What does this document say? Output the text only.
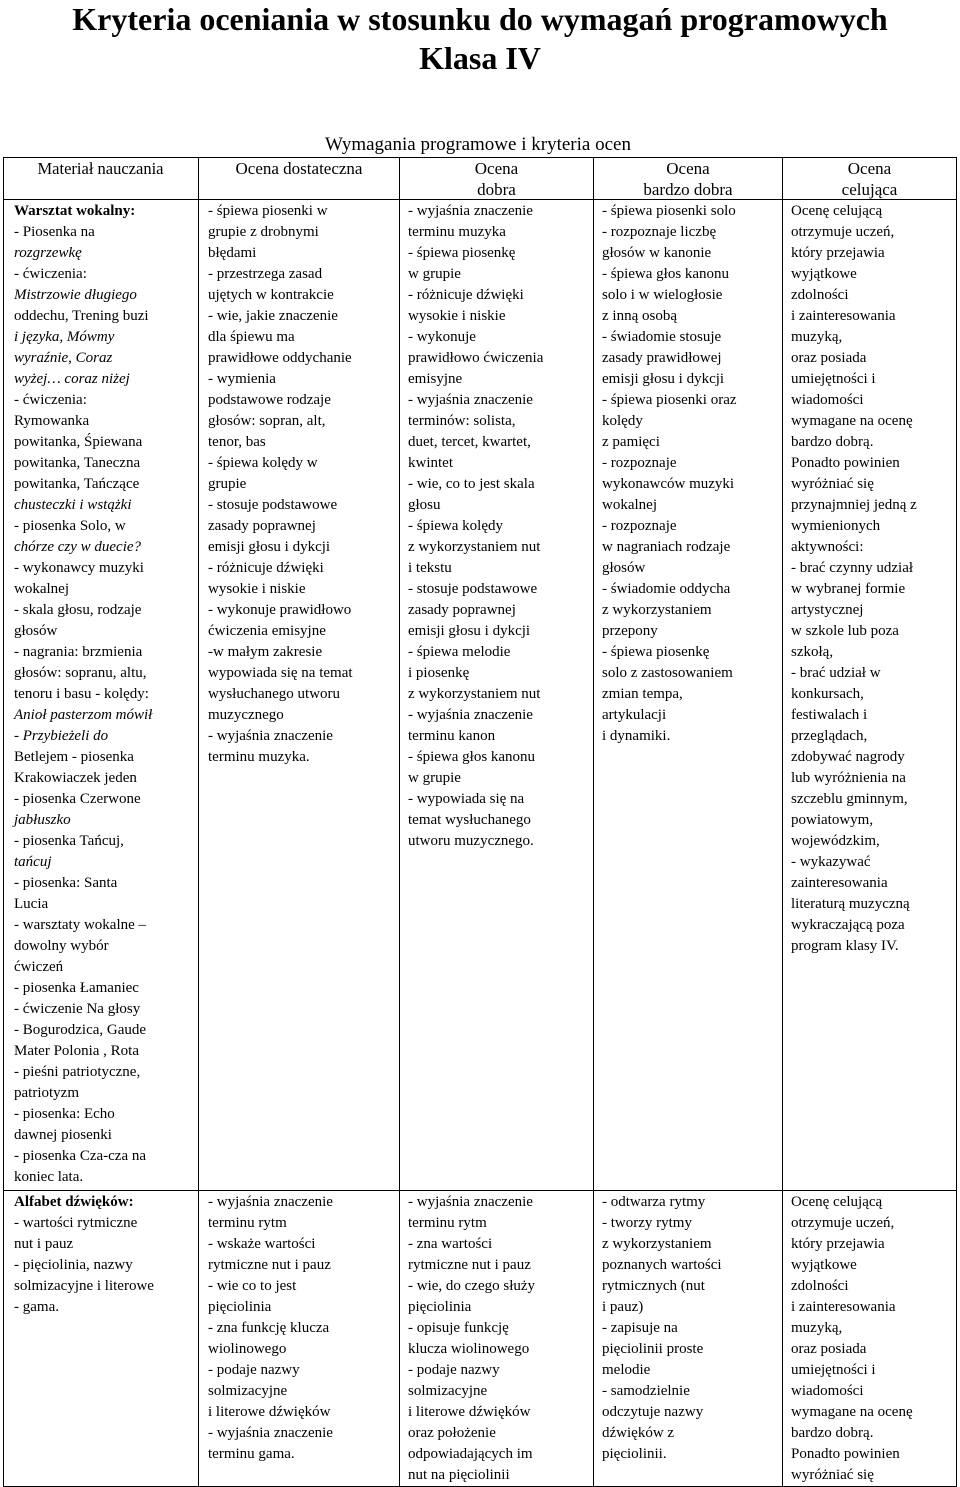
Kryteria oceniania w stosunku do wymagań programowych
Klasa IV
Wymagania programowe i kryteria ocen
Materiał nauczania	Ocena dostateczna	Ocena
dobra
Ocena
bardzo dobra
Ocena
celująca
Warsztat wokalny:
- Piosenka na
rozgrzewkę
- ćwiczenia:
Mistrzowie długiego
oddechu, Trening buzi
i języka, Mówmy
wyraźnie, Coraz
wyżej… coraz niżej
- ćwiczenia:
Rymowanka
powitanka, Śpiewana
powitanka, Taneczna
powitanka, Tańczące
chusteczki i wstążki
- piosenka Solo, w
chórze czy w duecie?
- wykonawcy muzyki
wokalnej
- skala głosu, rodzaje
głosów
- nagrania: brzmienia
głosów: sopranu, altu,
tenoru i basu - kolędy:
Anioł pasterzom mówił
- Przybieżeli do
Betlejem - piosenka
Krakowiaczek jeden
- piosenka Czerwone
jabłuszko
- piosenka Tańcuj,
tańcuj
- piosenka: Santa
Lucia
- warsztaty wokalne –
dowolny wybór
ćwiczeń
- piosenka Łamaniec
- ćwiczenie Na głosy
- Bogurodzica, Gaude
Mater Polonia , Rota
- pieśni patriotyczne,
patriotyzm
- piosenka: Echo
dawnej piosenki
- piosenka Cza-cza na
koniec lata.
- śpiewa piosenki w
grupie z drobnymi
błędami
- przestrzega zasad
ujętych w kontrakcie
- wie, jakie znaczenie
dla śpiewu ma
prawidłowe oddychanie
- wymienia
podstawowe rodzaje
głosów: sopran, alt,
tenor, bas
- śpiewa kolędy w
grupie
- stosuje podstawowe
zasady poprawnej
emisji głosu i dykcji
- różnicuje dźwięki
wysokie i niskie
- wykonuje prawidłowo
ćwiczenia emisyjne
-w małym zakresie
wypowiada się na temat
wysłuchanego utworu
muzycznego
- wyjaśnia znaczenie
terminu muzyka.
- wyjaśnia znaczenie
terminu muzyka
- śpiewa piosenkę
w grupie
- różnicuje dźwięki
wysokie i niskie
- wykonuje
prawidłowo ćwiczenia
emisyjne
- wyjaśnia znaczenie
terminów: solista,
duet, tercet, kwartet,
kwintet
- wie, co to jest skala
głosu
- śpiewa kolędy
z wykorzystaniem nut
i tekstu
- stosuje podstawowe
zasady poprawnej
emisji głosu i dykcji
- śpiewa melodie
i piosenkę
z wykorzystaniem nut
- wyjaśnia znaczenie
terminu kanon
- śpiewa głos kanonu
w grupie
- wypowiada się na
temat wysłuchanego
utworu muzycznego.
- śpiewa piosenki solo
- rozpoznaje liczbę
głosów w kanonie
- śpiewa głos kanonu
solo i w wielogłosie
z inną osobą
- świadomie stosuje
zasady prawidłowej
emisji głosu i dykcji
- śpiewa piosenki oraz
kolędy
z pamięci
- rozpoznaje
wykonawców muzyki
wokalnej
- rozpoznaje
w nagraniach rodzaje
głosów
- świadomie oddycha
z wykorzystaniem
przepony
- śpiewa piosenkę
solo z zastosowaniem
zmian tempa,
artykulacji
i dynamiki.
Ocenę celującą
otrzymuje uczeń,
który przejawia
wyjątkowe
zdolności
i zainteresowania
muzyką,
oraz posiada
umiejętności i
wiadomości
wymagane na ocenę
bardzo dobrą.
Ponadto powinien
wyróżniać się
przynajmniej jedną z
wymienionych
aktywności:
- brać czynny udział
w wybranej formie
artystycznej
w szkole lub poza
szkołą,
- brać udział w
konkursach,
festiwalach i
przeglądach,
zdobywać nagrody
lub wyróżnienia na
szczeblu gminnym,
powiatowym,
wojewódzkim,
- wykazywać
zainteresowania
literaturą muzyczną
wykraczającą poza
program klasy IV.
Alfabet dźwięków:
- wartości rytmiczne
nut i pauz
- pięciolinia, nazwy
solmizacyjne i literowe
- gama.
- wyjaśnia znaczenie
terminu rytm
- wskaże wartości
rytmiczne nut i pauz
- wie co to jest
pięciolinia
- zna funkcję klucza
wiolinowego
- podaje nazwy
solmizacyjne
i literowe dźwięków
- wyjaśnia znaczenie
terminu gama.
- wyjaśnia znaczenie
terminu rytm
- zna wartości
rytmiczne nut i pauz
- wie, do czego służy
pięciolinia
- opisuje funkcję
klucza wiolinowego
- podaje nazwy
solmizacyjne
i literowe dźwięków
oraz położenie
odpowiadających im
nut na pięciolinii
- odtwarza rytmy
- tworzy rytmy
z wykorzystaniem
poznanych wartości
rytmicznych (nut
i pauz)
- zapisuje na
pięciolinii proste
melodie
- samodzielnie
odczytuje nazwy
dźwięków z
pięciolinii.
Ocenę celującą
otrzymuje uczeń,
który przejawia
wyjątkowe
zdolności
i zainteresowania
muzyką,
oraz posiada
umiejętności i
wiadomości
wymagane na ocenę
bardzo dobrą.
Ponadto powinien
wyróżniać się
